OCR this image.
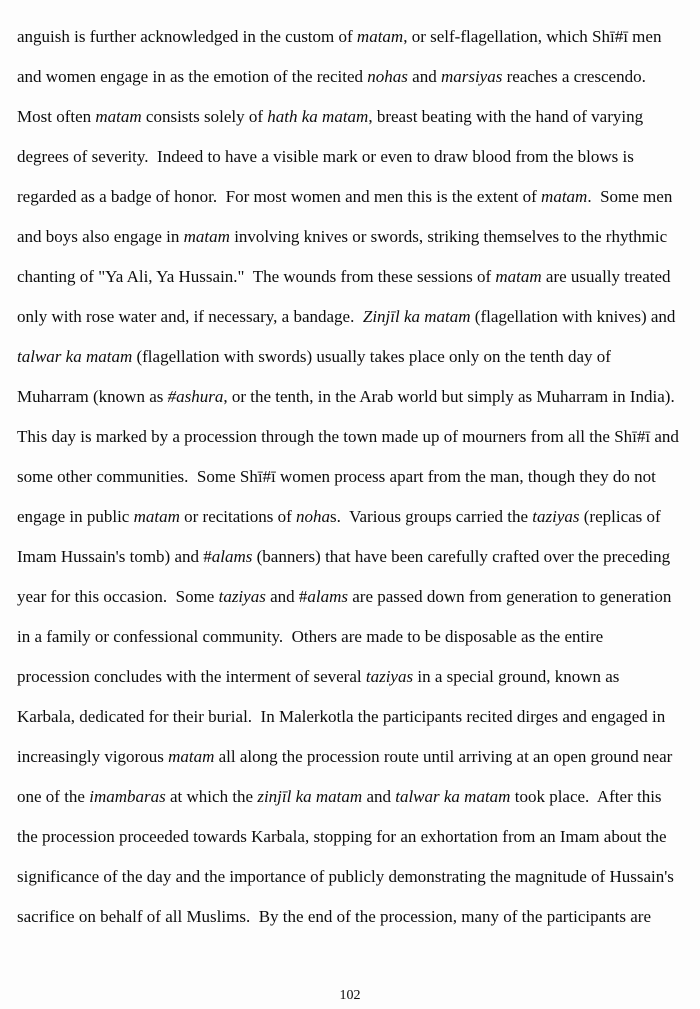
anguish is further acknowledged in the custom of matam, or self-flagellation, which Shī#ī men
and women engage in as the emotion of the recited nohas and marsiyas reaches a crescendo.
Most often matam consists solely of hath ka matam, breast beating with the hand of varying
degrees of severity.  Indeed to have a visible mark or even to draw blood from the blows is
regarded as a badge of honor.  For most women and men this is the extent of matam.  Some men
and boys also engage in matam involving knives or swords, striking themselves to the rhythmic
chanting of "Ya Ali, Ya Hussain."  The wounds from these sessions of matam are usually treated
only with rose water and, if necessary, a bandage.  Zinjīl ka matam (flagellation with knives) and
talwar ka matam (flagellation with swords) usually takes place only on the tenth day of
Muharram (known as #ashura, or the tenth, in the Arab world but simply as Muharram in India).
This day is marked by a procession through the town made up of mourners from all the Shī#ī and
some other communities.  Some Shī#ī women process apart from the man, though they do not
engage in public matam or recitations of nohas.  Various groups carried the taziyas (replicas of
Imam Hussain's tomb) and #alams (banners) that have been carefully crafted over the preceding
year for this occasion.  Some taziyas and #alams are passed down from generation to generation
in a family or confessional community.  Others are made to be disposable as the entire
procession concludes with the interment of several taziyas in a special ground, known as
Karbala, dedicated for their burial.  In Malerkotla the participants recited dirges and engaged in
increasingly vigorous matam all along the procession route until arriving at an open ground near
one of the imambaras at which the zinjīl ka matam and talwar ka matam took place.  After this
the procession proceeded towards Karbala, stopping for an exhortation from an Imam about the
significance of the day and the importance of publicly demonstrating the magnitude of Hussain's
sacrifice on behalf of all Muslims.  By the end of the procession, many of the participants are
102
